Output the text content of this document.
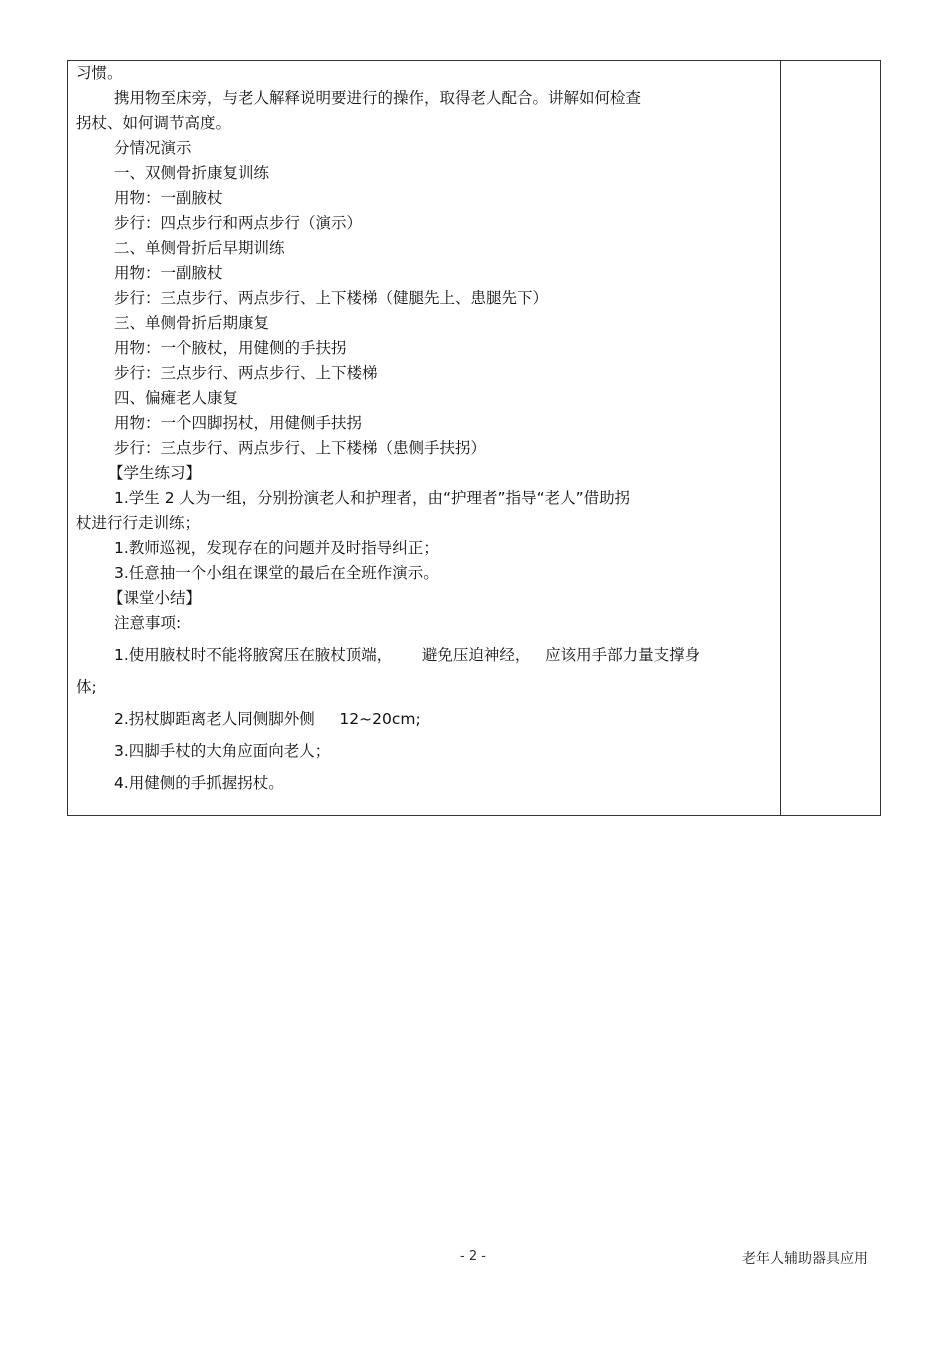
习惯。
携用物至床旁，与老人解释说明要进行的操作，取得老人配合。讲解如何检查
拐杖、如何调节高度。
分情况演示
一、双侧骨折康复训练
用物：一副腋杖
步行：四点步行和两点步行（演示）
二、单侧骨折后早期训练
用物：一副腋杖
步行：三点步行、两点步行、上下楼梯（健腿先上、患腿先下）
三、单侧骨折后期康复
用物：一个腋杖，用健侧的手扶拐
步行：三点步行、两点步行、上下楼梯
四、偏瘫老人康复
用物：一个四脚拐杖，用健侧手扶拐
步行：三点步行、两点步行、上下楼梯（患侧手扶拐）
【学生练习】
1.学生 2 人为一组，分别扮演老人和护理者，由“护理者”指导“老人”借助拐
杖进行行走训练；
1.教师巡视，发现存在的问题并及时指导纠正；
3.任意抽一个小组在课堂的最后在全班作演示。
【课堂小结】
注意事项:
1.使用腋杖时不能将腋窝压在腋杖顶端，      避免压迫神经，   应该用手部力量支撑身
体;
2.拐杖脚距离老人同侧脚外侧     12~20cm;
3.四脚手杖的大角应面向老人；
4.用健侧的手抓握拐杖。
- 2 -	老年人辅助器具应用
